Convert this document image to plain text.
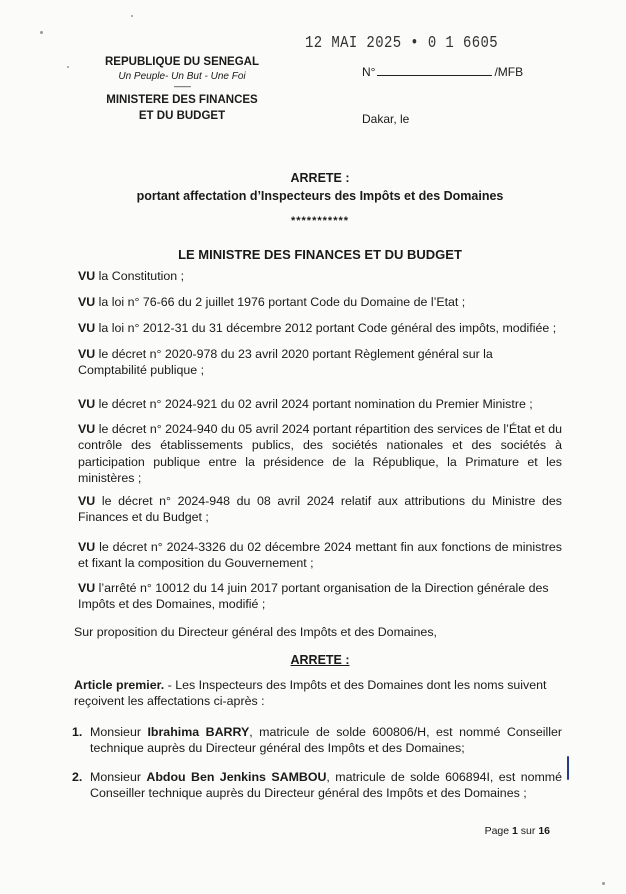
REPUBLIQUE DU SENEGAL
Un Peuple- Un But - Une Foi
----------
MINISTERE DES FINANCES
ET DU BUDGET
12 MAI 2025 • 0 1 6605
N°	/MFB
Dakar, le
ARRETE :
portant affectation d’Inspecteurs des Impôts et des Domaines
***********
LE MINISTRE DES FINANCES ET DU BUDGET
VU la Constitution ;
VU la loi n° 76-66 du 2 juillet 1976 portant Code du Domaine de l’Etat ;
VU la loi n° 2012-31 du 31 décembre 2012 portant Code général des impôts, modifiée ;
VU le décret n° 2020-978 du 23 avril 2020 portant Règlement général sur la Comptabilité publique ;
VU le décret n° 2024-921 du 02 avril 2024 portant nomination du Premier Ministre ;
VU le décret n° 2024-940 du 05 avril 2024 portant répartition des services de l’État et du contrôle des établissements publics, des sociétés nationales et des sociétés à participation publique entre la présidence de la République, la Primature et les ministères ;
VU le décret n° 2024-948 du 08 avril 2024 relatif aux attributions du Ministre des Finances et du Budget ;
VU le décret n° 2024-3326 du 02 décembre 2024 mettant fin aux fonctions de ministres et fixant la composition du Gouvernement ;
VU l’arrêté n° 10012 du 14 juin 2017 portant organisation de la Direction générale des Impôts et des Domaines, modifié ;
Sur proposition du Directeur général des Impôts et des Domaines,
ARRETE :
Article premier. - Les Inspecteurs des Impôts et des Domaines dont les noms suivent reçoivent les affectations ci-après :
1. Monsieur Ibrahima BARRY, matricule de solde 600806/H, est nommé Conseiller technique auprès du Directeur général des Impôts et des Domaines;
2. Monsieur Abdou Ben Jenkins SAMBOU, matricule de solde 606894I, est nommé Conseiller technique auprès du Directeur général des Impôts et des Domaines ;
Page 1 sur 16
